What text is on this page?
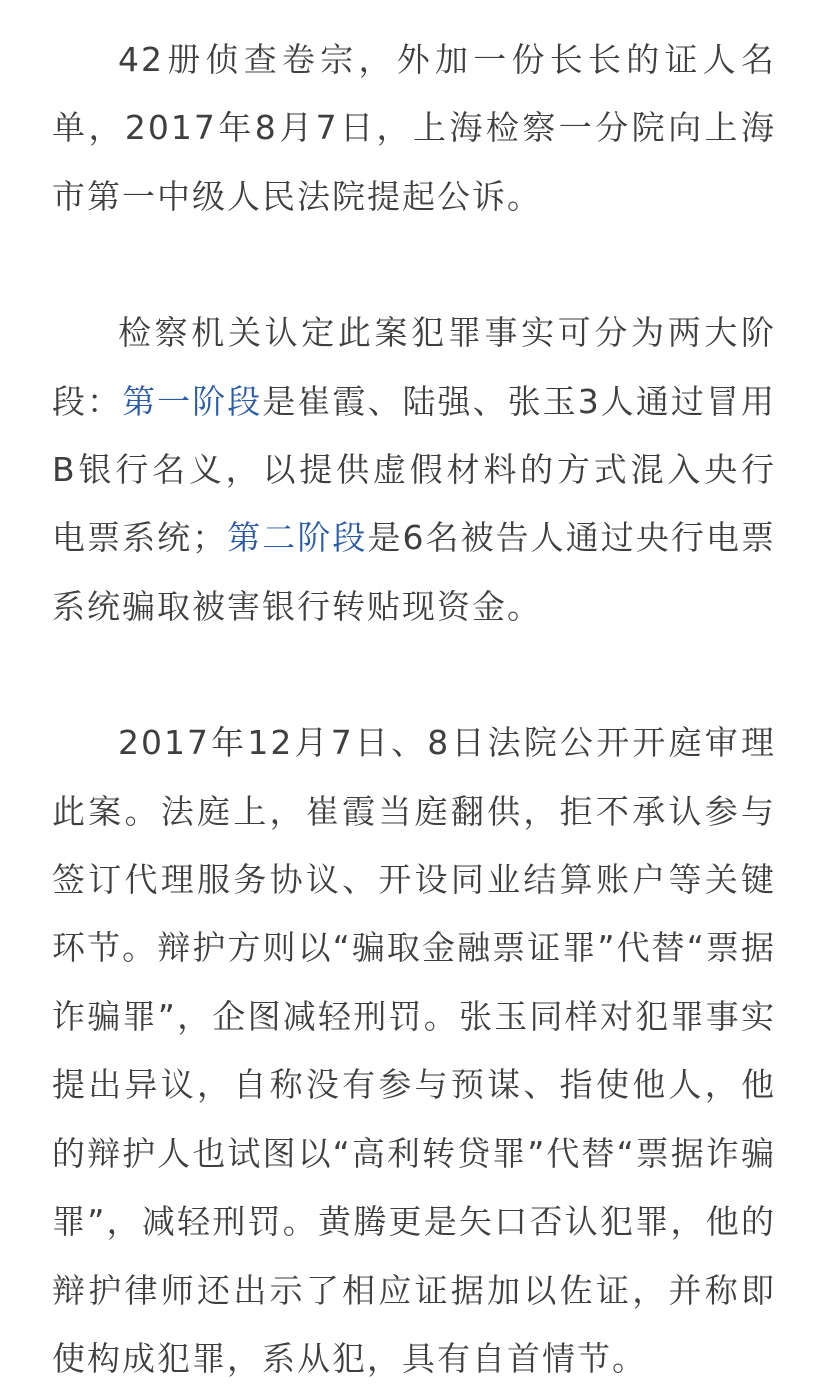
42册侦查卷宗，外加一份长长的证人名单，2017年8月7日，上海检察一分院向上海市第一中级人民法院提起公诉。

检察机关认定此案犯罪事实可分为两大阶段：第一阶段是崔霞、陆强、张玉3人通过冒用B银行名义，以提供虚假材料的方式混入央行电票系统；第二阶段是6名被告人通过央行电票系统骗取被害银行转贴现资金。

2017年12月7日、8日法院公开开庭审理此案。法庭上，崔霞当庭翻供，拒不承认参与签订代理服务协议、开设同业结算账户等关键环节。辩护方则以“骗取金融票证罪”代替“票据诈骗罪”，企图减轻刑罚。张玉同样对犯罪事实提出异议，自称没有参与预谋、指使他人，他的辩护人也试图以“高利转贷罪”代替“票据诈骗罪”，减轻刑罚。黄腾更是矢口否认犯罪，他的辩护律师还出示了相应证据加以佐证，并称即使构成犯罪，系从犯，具有自首情节。
